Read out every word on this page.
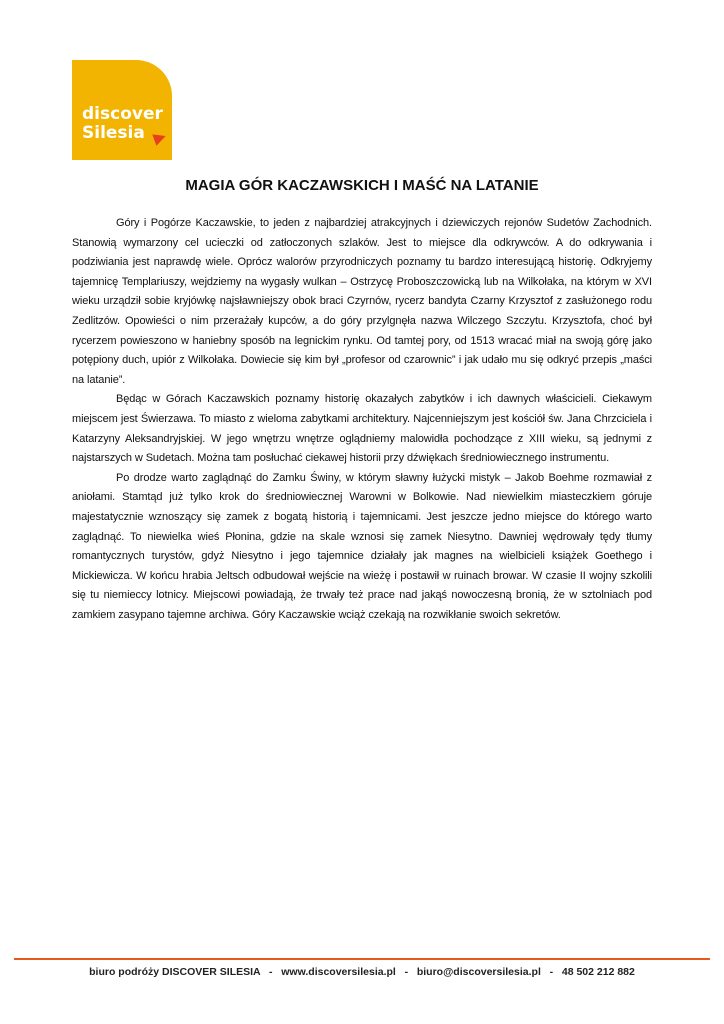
discover
Silesia
MAGIA GÓR KACZAWSKICH I MAŚĆ NA LATANIE

Góry i Pogórze Kaczawskie, to jeden z najbardziej atrakcyjnych i dziewiczych rejonów Sudetów Zachodnich. Stanowią wymarzony cel ucieczki od zatłoczonych szlaków. Jest to miejsce dla odkrywców. A do odkrywania i podziwiania jest naprawdę wiele. Oprócz walorów przyrodniczych poznamy tu bardzo interesującą historię. Odkryjemy tajemnicę Templariuszy, wejdziemy na wygasły wulkan – Ostrzycę Proboszczowicką lub na Wilkołaka, na którym w XVI wieku urządził sobie kryjówkę najsławniejszy obok braci Czyrnów, rycerz bandyta Czarny Krzysztof z zasłużonego rodu Zedlitzów. Opowieści o nim przerażały kupców, a do góry przylgnęła nazwa Wilczego Szczytu. Krzysztofa, choć był rycerzem powieszono w haniebny sposób na legnickim rynku. Od tamtej pory, od 1513 wracać miał na swoją górę jako potępiony duch, upiór z Wilkołaka. Dowiecie się kim był „profesor od czarownic” i jak udało mu się odkryć przepis „maści na latanie”.

Będąc w Górach Kaczawskich poznamy historię okazałych zabytków i ich dawnych właścicieli. Ciekawym miejscem jest Świerzawa. To miasto z wieloma zabytkami architektury. Najcenniejszym jest kościół św. Jana Chrzciciela i Katarzyny Aleksandryjskiej. W jego wnętrzu wnętrze oglądniemy malowidła pochodzące z XIII wieku, są jednymi z najstarszych w Sudetach. Można tam posłuchać ciekawej historii przy dźwiękach średniowiecznego instrumentu.

Po drodze warto zaglądnąć do Zamku Świny, w którym sławny łużycki mistyk – Jakob Boehme rozmawiał z aniołami. Stamtąd już tylko krok do średniowiecznej Warowni w Bolkowie. Nad niewielkim miasteczkiem góruje majestatycznie wznoszący się zamek z bogatą historią i tajemnicami. Jest jeszcze jedno miejsce do którego warto zaglądnąć. To niewielka wieś Płonina, gdzie na skale wznosi się zamek Niesytno. Dawniej wędrowały tędy tłumy romantycznych turystów, gdyż Niesytno i jego tajemnice działały jak magnes na wielbicieli książek Goethego i Mickiewicza. W końcu hrabia Jeltsch odbudował wejście na wieżę i postawił w ruinach browar. W czasie II wojny szkolili się tu niemieccy lotnicy. Miejscowi powiadają, że trwały też prace nad jakąś nowoczesną bronią, że w sztolniach pod zamkiem zasypano tajemne archiwa. Góry Kaczawskie wciąż czekają na rozwikłanie swoich sekretów.

biuro podróży DISCOVER SILESIA   -   www.discoversilesia.pl   -   biuro@discoversilesia.pl   -   48 502 212 882
